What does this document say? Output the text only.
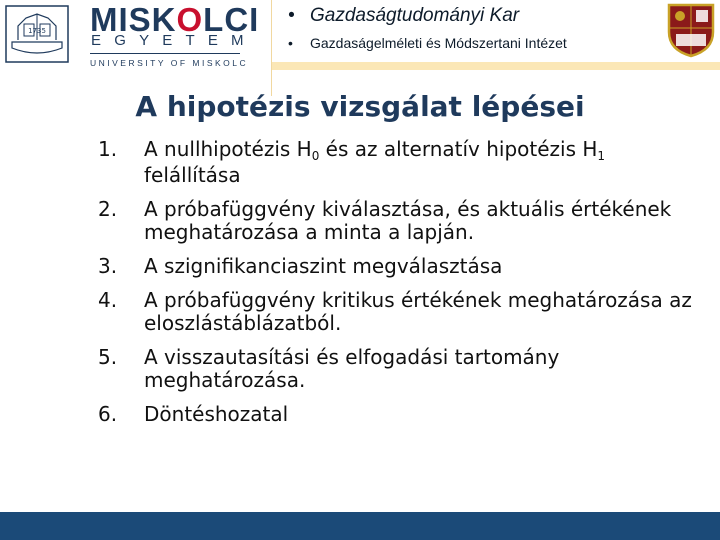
1735 MISKOLCI
EGYETEM
UNIVERSITY OF MISKOLC
• Gazdaságtudományi Kar
• Gazdaságelméleti és Módszertani Intézet
A hipotézis vizsgálat lépései
1.	A nullhipotézis $H_0$ és az alternatív hipotézis $H_1$ felállítása
2.	A próbafüggvény kiválasztása, és aktuális értékének meghatározása a minta a lapján.
3.	A szignifikanciaszint megválasztása
4.	A próbafüggvény kritikus értékének meghatározása az eloszlástáblázatból.
5.	A visszautasítási és elfogadási tartomány meghatározása.
6.	Döntéshozatal
